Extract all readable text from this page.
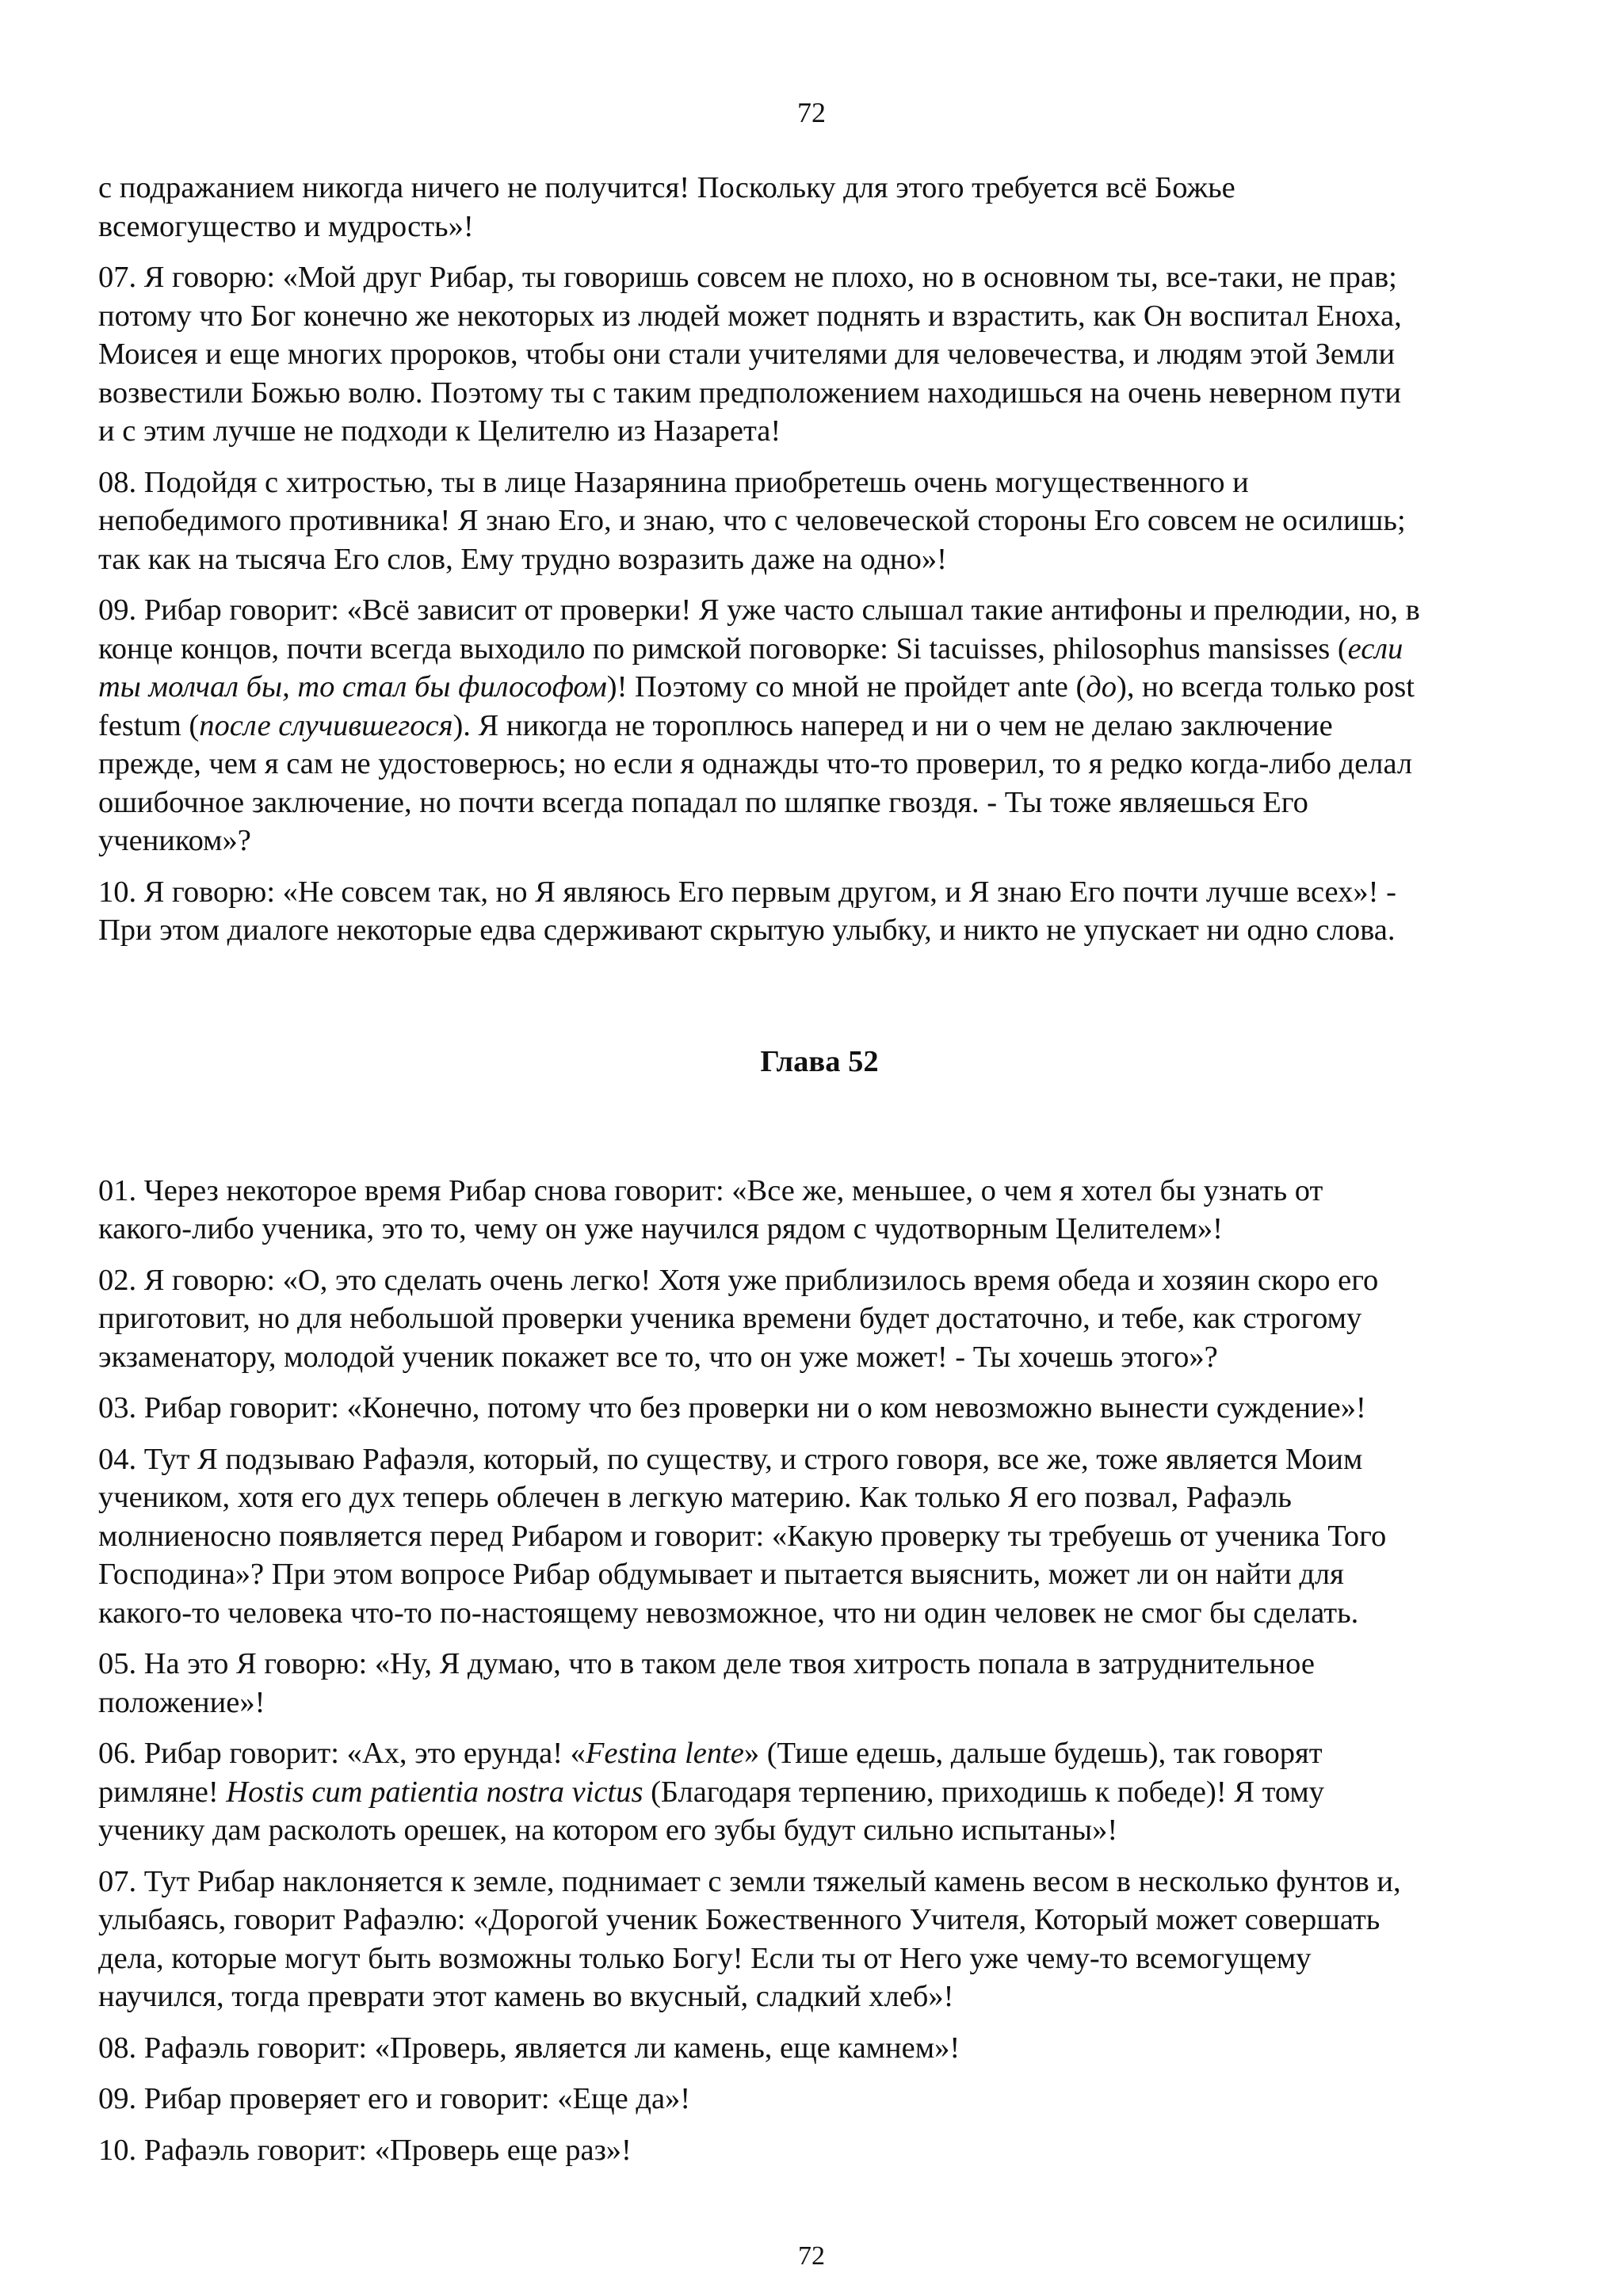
72

с подражанием никогда ничего не получится! Поскольку для этого требуется всё Божье
всемогущество и мудрость»!

07. Я говорю: «Мой друг Рибар, ты говоришь совсем не плохо, но в основном ты, все-таки, не прав;
потому что Бог конечно же некоторых из людей может поднять и взрастить, как Он воспитал Еноха,
Моисея и еще многих пророков, чтобы они стали учителями для человечества, и людям этой Земли
возвестили Божью волю. Поэтому ты с таким предположением находишься на очень неверном пути
и с этим лучше не подходи к Целителю из Назарета!

08. Подойдя с хитростью, ты в лице Назарянина приобретешь очень могущественного и
непобедимого противника! Я знаю Его, и знаю, что с человеческой стороны Его совсем не осилишь;
так как на тысяча Его слов, Ему трудно возразить даже на одно»!

09. Рибар говорит: «Всё зависит от проверки! Я уже часто слышал такие антифоны и прелюдии, но, в
конце концов, почти всегда выходило по римской поговорке: Si tacuisses, philosophus mansisses (если
ты молчал бы, то стал бы философом)! Поэтому со мной не пройдет ante (до), но всегда только post
festum (после случившегося). Я никогда не тороплюсь наперед и ни о чем не делаю заключение
прежде, чем я сам не удостоверюсь; но если я однажды что-то проверил, то я редко когда-либо делал
ошибочное заключение, но почти всегда попадал по шляпке гвоздя. - Ты тоже являешься Его
учеником»?

10. Я говорю: «Не совсем так, но Я являюсь Его первым другом, и Я знаю Его почти лучше всех»! -
При этом диалоге некоторые едва сдерживают скрытую улыбку, и никто не упускает ни одно слова.

Глава 52

01. Через некоторое время Рибар снова говорит: «Все же, меньшее, о чем я хотел бы узнать от
какого-либо ученика, это то, чему он уже научился рядом с чудотворным Целителем»!

02. Я говорю: «О, это сделать очень легко! Хотя уже приблизилось время обеда и хозяин скоро его
приготовит, но для небольшой проверки ученика времени будет достаточно, и тебе, как строгому
экзаменатору, молодой ученик покажет все то, что он уже может! - Ты хочешь этого»?

03. Рибар говорит: «Конечно, потому что без проверки ни о ком невозможно вынести суждение»!

04. Тут Я подзываю Рафаэля, который, по существу, и строго говоря, все же, тоже является Моим
учеником, хотя его дух теперь облечен в легкую материю. Как только Я его позвал, Рафаэль
молниеносно появляется перед Рибаром и говорит: «Какую проверку ты требуешь от ученика Того
Господина»? При этом вопросе Рибар обдумывает и пытается выяснить, может ли он найти для
какого-то человека что-то по-настоящему невозможное, что ни один человек не смог бы сделать.

05. На это Я говорю: «Ну, Я думаю, что в таком деле твоя хитрость попала в затруднительное
положение»!

06. Рибар говорит: «Ах, это ерунда! «Festina lente» (Тише едешь, дальше будешь), так говорят
римляне! Hostis cum patientia nostra victus (Благодаря терпению, приходишь к победе)! Я тому
ученику дам расколоть орешек, на котором его зубы будут сильно испытаны»!

07. Тут Рибар наклоняется к земле, поднимает с земли тяжелый камень весом в несколько фунтов и,
улыбаясь, говорит Рафаэлю: «Дорогой ученик Божественного Учителя, Который может совершать
дела, которые могут быть возможны только Богу! Если ты от Него уже чему-то всемогущему
научился, тогда преврати этот камень во вкусный, сладкий хлеб»!

08. Рафаэль говорит: «Проверь, является ли камень, еще камнем»!

09. Рибар проверяет его и говорит: «Еще да»!

10. Рафаэль говорит: «Проверь еще раз»!

72
